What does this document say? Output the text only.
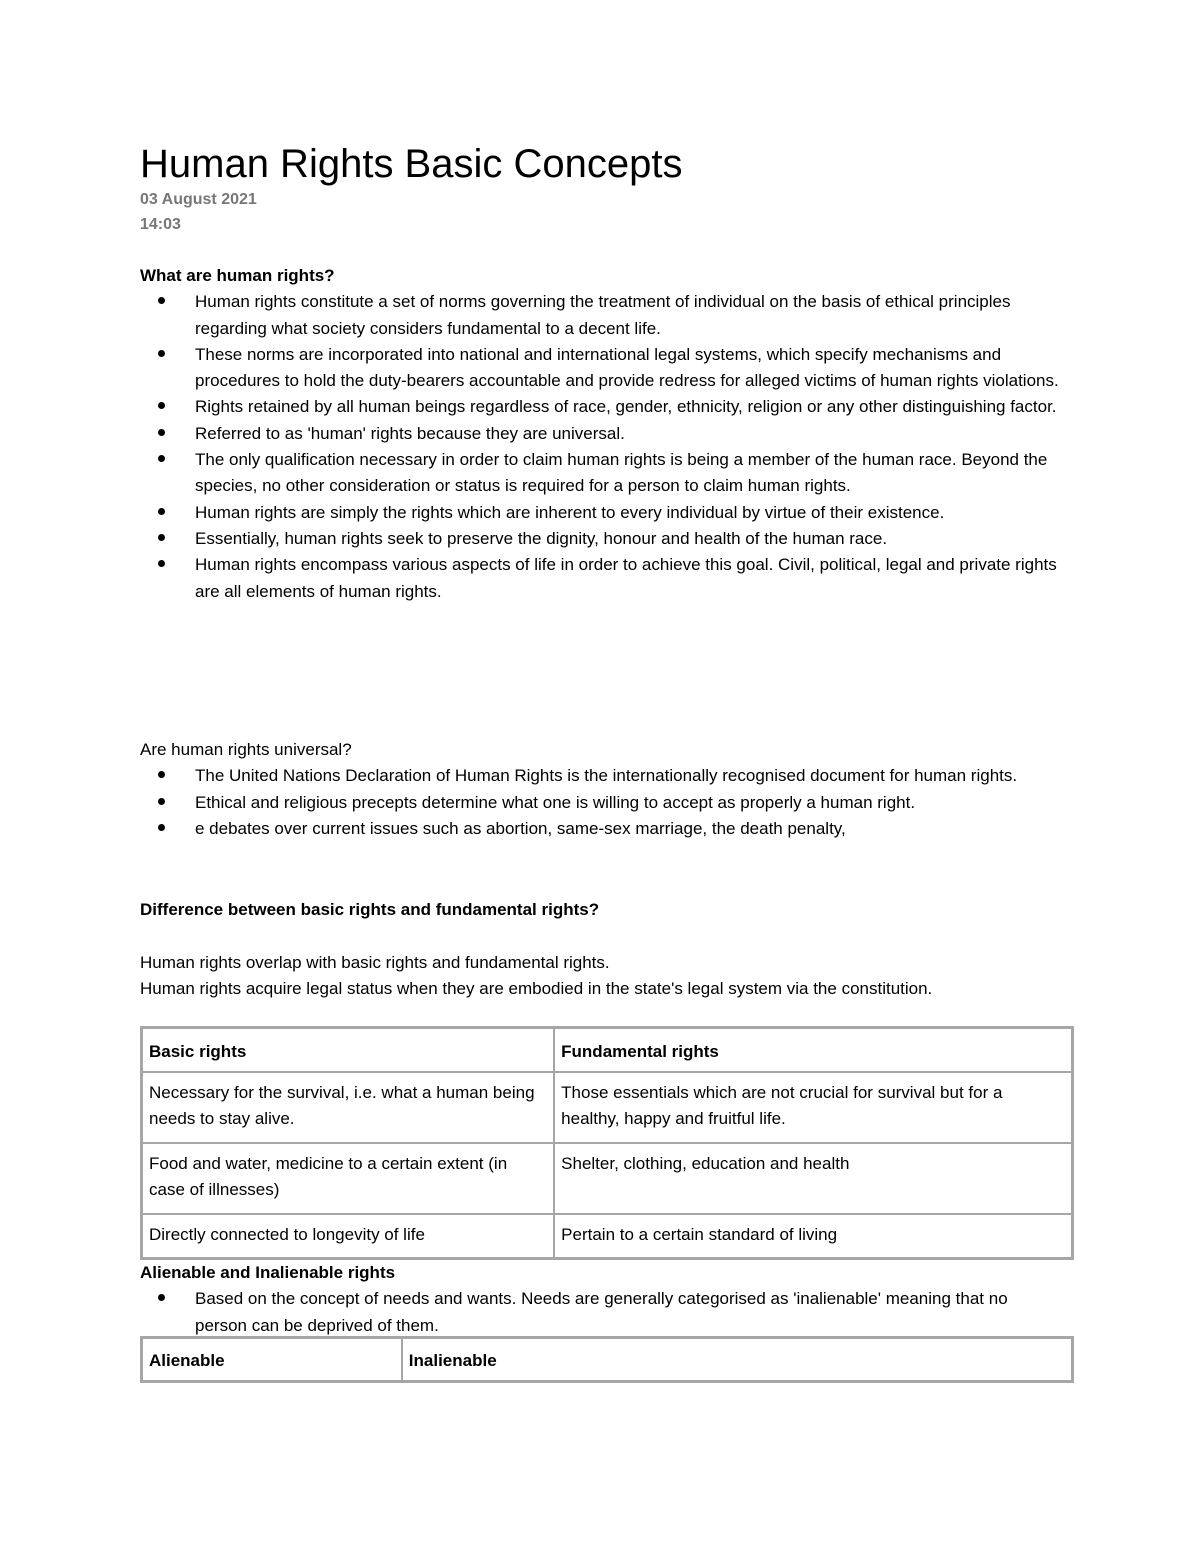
Human Rights Basic Concepts
03 August 2021
14:03
What are human rights?
Human rights constitute a set of norms governing the treatment of individual on the basis of ethical principles regarding what society considers fundamental to a decent life.
These norms are incorporated into national and international legal systems, which specify mechanisms and procedures to hold the duty-bearers accountable and provide redress for alleged victims of human rights violations.
Rights retained by all human beings regardless of race, gender, ethnicity, religion or any other distinguishing factor.
Referred to as 'human' rights because they are universal.
The only qualification necessary in order to claim human rights is being a member of the human race. Beyond the species, no other consideration or status is required for a person to claim human rights.
Human rights are simply the rights which are inherent to every individual by virtue of their existence.
Essentially, human rights seek to preserve the dignity, honour and health of the human race.
Human rights encompass various aspects of life in order to achieve this goal. Civil, political, legal and private rights are all elements of human rights.
Are human rights universal?
The United Nations Declaration of Human Rights is the internationally recognised document for human rights.
Ethical and religious precepts determine what one is willing to accept as properly a human right.
e debates over current issues such as abortion, same-sex marriage, the death penalty,
Difference between basic rights and fundamental rights?

Human rights overlap with basic rights and fundamental rights.

Human rights acquire legal status when they are embodied in the state's legal system via the constitution.

Basic rights	Fundamental rights
Necessary for the survival, i.e. what a human being needs to stay alive.	Those essentials which are not crucial for survival but for a healthy, happy and fruitful life.
Food and water, medicine to a certain extent (in case of illnesses)	Shelter, clothing, education and health
Directly connected to longevity of life	Pertain to a certain standard of living
Alienable and Inalienable rights
Based on the concept of needs and wants. Needs are generally categorised as 'inalienable' meaning that no person can be deprived of them.
Alienable	Inalienable
